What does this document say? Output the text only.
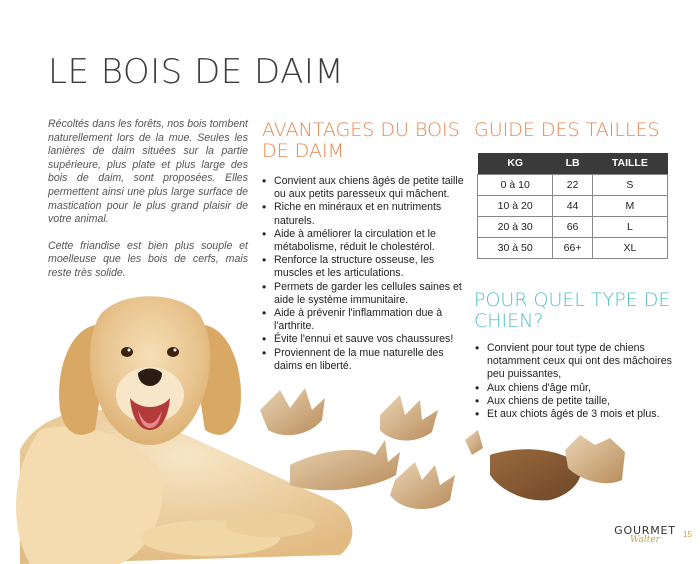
LE BOIS DE DAIM

Récoltés dans les forêts, nos bois tombent naturellement lors de la mue. Seules les lanières de daim situées sur la partie supérieure, plus plate et plus large des bois de daim, sont proposées. Elles permettent ainsi une plus large surface de mastication pour le plus grand plaisir de votre animal.

Cette friandise est bien plus souple et moelleuse que les bois de cerfs, mais reste très solide.

AVANTAGES DU BOIS DE DAIM
• Convient aux chiens âgés de petite taille ou aux petits paresseux qui mâchent.
• Riche en minéraux et en nutriments naturels.
• Aide à améliorer la circulation et le métabolisme, réduit le cholestérol.
• Renforce la structure osseuse, les muscles et les articulations.
• Permets de garder les cellules saines et aide le système immunitaire.
• Aide à prévenir l'inflammation due à l'arthrite.
• Évite l'ennui et sauve vos chaussures!
• Proviennent de la mue naturelle des daims en liberté.
GUIDE DES TAILLES
KG	LB	TAILLE
0 à 10	22	S
10 à 20	44	M
20 à 30	66	L
30 à 50	66+	XL
POUR QUEL TYPE DE CHIEN?
• Convient pour tout type de chiens notamment ceux qui ont des mâchoires peu puissantes,
• Aux chiens d'âge mûr,
• Aux chiens de petite taille,
• Et aux chiots âgés de 3 mois et plus.
GOURMET
Walter
15
